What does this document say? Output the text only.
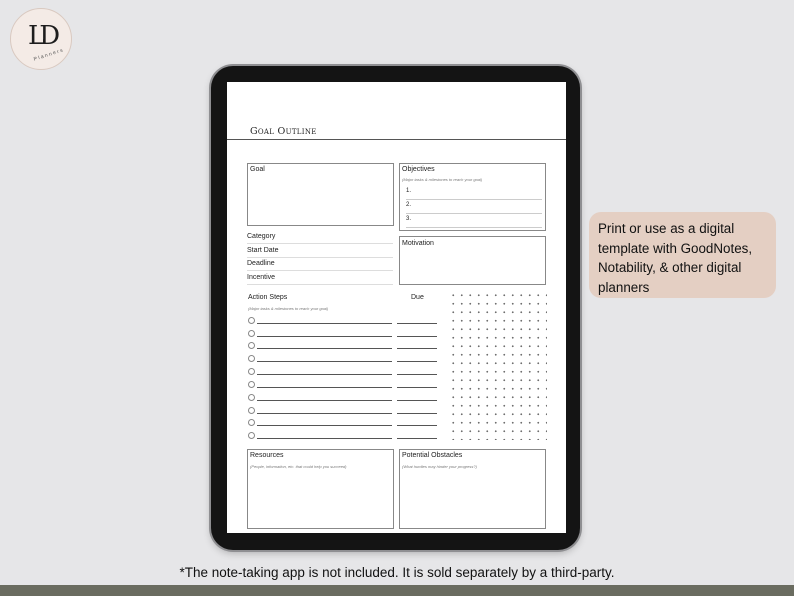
LD
Planners
Goal Outline
Goal	Objectives
(Major tasks & milestones to reach your goal)
1.
2.
3.
Category
Start Date
Deadline
Incentive
Motivation
Action Steps
(Major tasks & milestones to reach your goal)
Due
Resources
(People, information, etc. that could help you succeed)
Potential Obstacles
(What hurdles may hinder your progress?)
Print or use as a digital template with GoodNotes, Notability, & other digital planners
*The note-taking app is not included. It is sold separately by a third-party.
